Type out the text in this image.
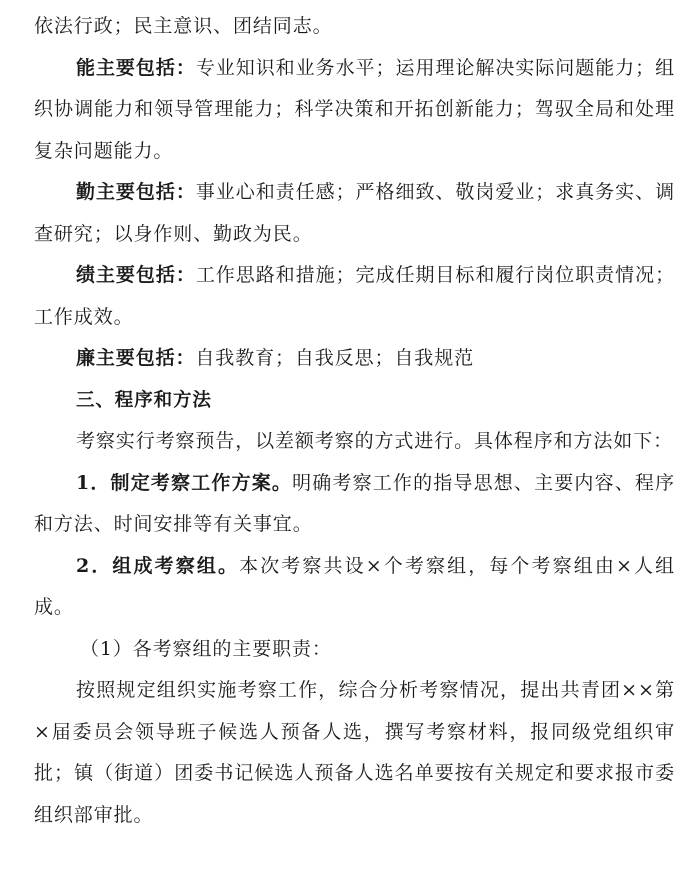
依法行政；民主意识、团结同志。

能主要包括：专业知识和业务水平；运用理论解决实际问题能力；组织协调能力和领导管理能力；科学决策和开拓创新能力；驾驭全局和处理复杂问题能力。

勤主要包括：事业心和责任感；严格细致、敬岗爱业；求真务实、调查研究；以身作则、勤政为民。

绩主要包括：工作思路和措施；完成任期目标和履行岗位职责情况；工作成效。

廉主要包括：自我教育；自我反思；自我规范

三、程序和方法

考察实行考察预告，以差额考察的方式进行。具体程序和方法如下：

1．制定考察工作方案。明确考察工作的指导思想、主要内容、程序和方法、时间安排等有关事宜。

2．组成考察组。本次考察共设×个考察组，每个考察组由×人组成。

（1）各考察组的主要职责：

按照规定组织实施考察工作，综合分析考察情况，提出共青团××第×届委员会领导班子候选人预备人选，撰写考察材料，报同级党组织审批；镇（街道）团委书记候选人预备人选名单要按有关规定和要求报市委组织部审批。
